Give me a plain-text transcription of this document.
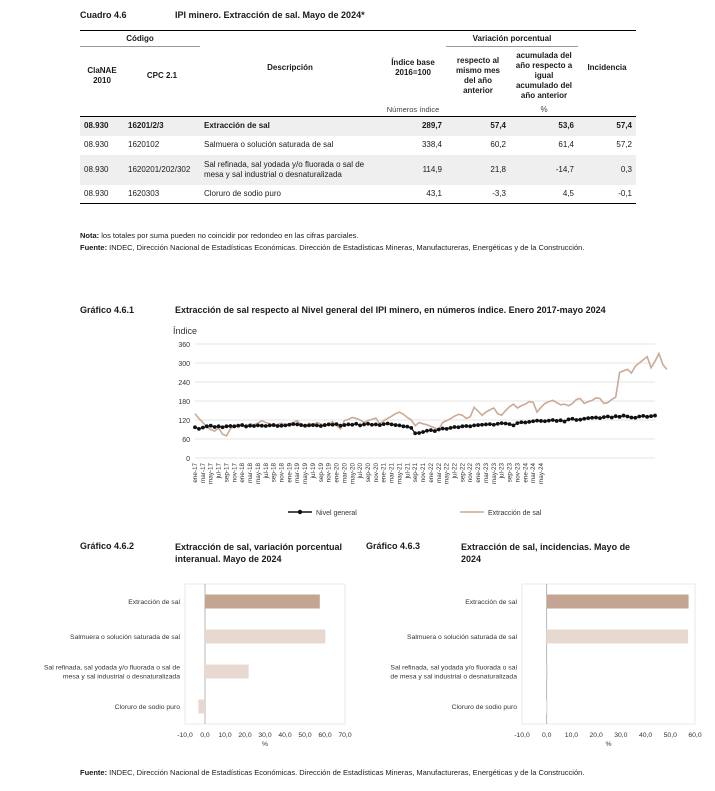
Cuadro 4.6	IPI minero. Extracción de sal. Mayo de 2024*
Código		Descripción	Índice base 2016=100	Variación porcentual		Incidencia
ClaNAE 2010	CPC 2.1			respecto al mismo mes del año anterior	acumulada del año respecto a igual acumulado del año anterior	

			Números índice		%	
08.930	16201/2/3	Extracción de sal	289,7	57,4	53,6	57,4
08.930	1620102	Salmuera o solución saturada de sal	338,4	60,2	61,4	57,2
08.930	1620201/202/302	Sal refinada, sal yodada y/o fluorada o sal de mesa y sal industrial o desnaturalizada	114,9	21,8	-14,7	0,3
08.930	1620303	Cloruro de sodio puro	43,1	-3,3	4,5	-0,1
Nota: los totales por suma pueden no coincidir por redondeo en las cifras parciales.
Fuente: INDEC, Dirección Nacional de Estadísticas Económicas. Dirección de Estadísticas Mineras, Manufactureras, Energéticas y de la Construcción.
Gráfico 4.6.1	Extracción de sal respecto al Nivel general del IPI minero, en números índice. Enero 2017-mayo 2024
Índice
0
60
120
180
240
300
360
ene-17 mar-17 may-17 jul-17 sep-17 nov-17 ene-18 mar-18 may-18 jul-18 sep-18 nov-18 ene-19 mar-19 may-19 jul-19 sep-19 nov-19 ene-20 mar-20 may-20 jul-20 sep-20 nov-20 ene-21 mar-21 may-21 jul-21 sep-21 nov-21 ene-22 mar-22 may-22 jul-22 sep-22 nov-22 ene-23 mar-23 may-23 jul-23 sep-23 nov-23 ene-24 mar-24 may-24
Nivel general	Extracción de sal
Gráfico 4.6.2	Extracción de sal, variación porcentual interanual. Mayo de 2024
-10,0 0,0 10,0 20,0 30,0 40,0 50,0 60,0 70,0
%
Extracción de sal
Salmuera o solución saturada de sal
Sal refinada, sal yodada y/o fluorada o sal de
mesa y sal industrial o desnaturalizada
Cloruro de sodio puro
Gráfico 4.6.3	Extracción de sal, incidencias. Mayo de 2024
-10,0 0,0 10,0 20,0 30,0 40,0 50,0 60,0
%
Extracción de sal
Salmuera o solución saturada de sal
Sal refinada, sal yodada y/o fluorada o sal
de mesa y sal industrial o desnaturalizada
Cloruro de sodio puro
Fuente: INDEC, Dirección Nacional de Estadísticas Económicas. Dirección de Estadísticas Mineras, Manufactureras, Energéticas y de la Construcción.
